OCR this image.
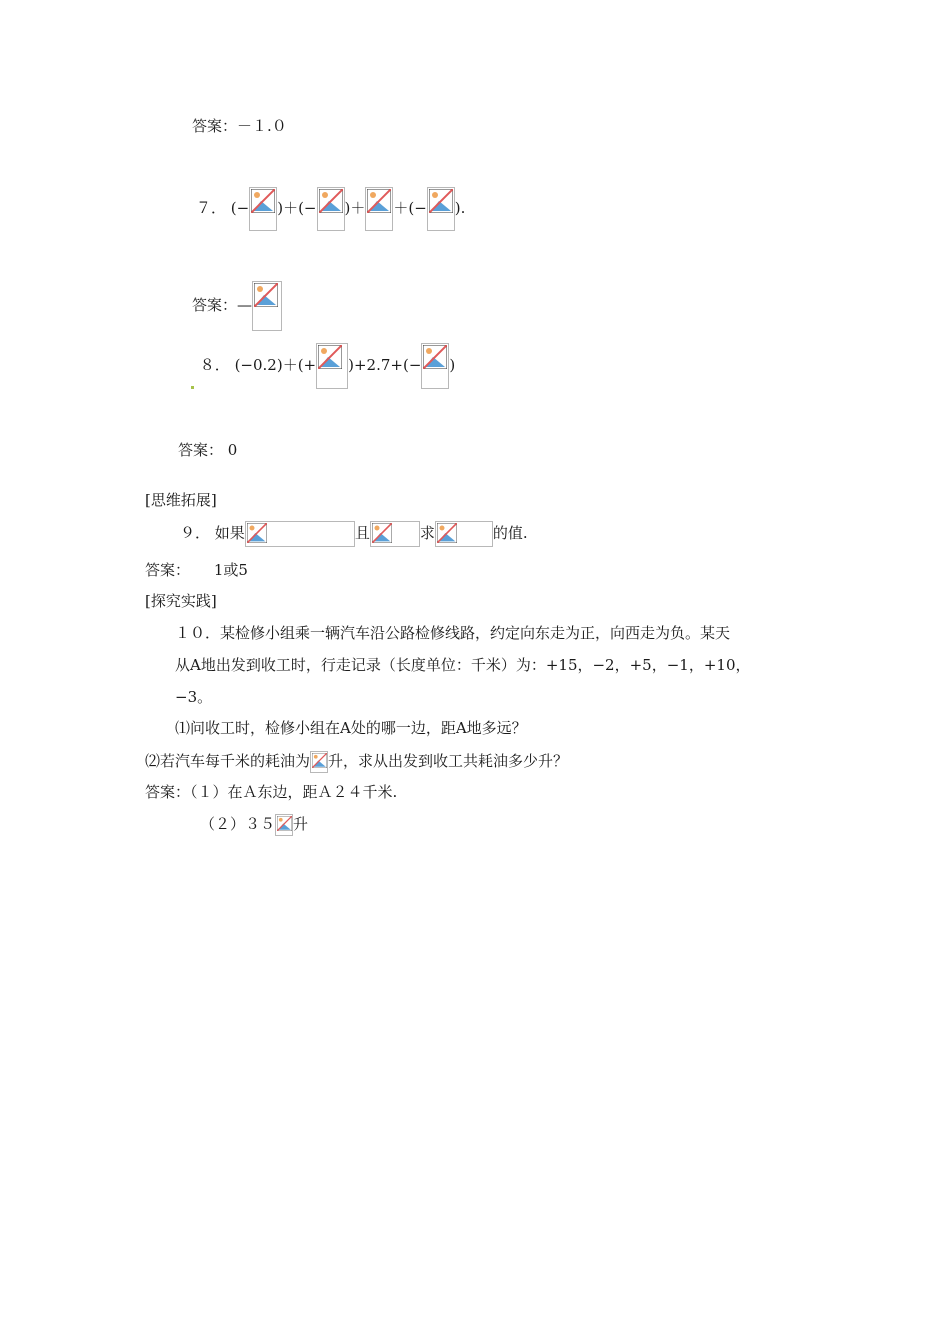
答案：－１.０
７． (− )＋(− )＋ ＋(− ).
答案：—
８． (−0.2)＋(+ )+2.7+(− )
答案： 0
[思维拓展]
９． 如果	且	求	的值.
答案： 1或5
[探究实践]
１０．某检修小组乘一辆汽车沿公路检修线路，约定向东走为正，向西走为负。某天
从A地出发到收工时，行走记录（长度单位：千米）为：+15，−2，+5，−1，+10，
−3。
⑴问收工时，检修小组在A处的哪一边，距A地多远？
⑵若汽车每千米的耗油为 升，求从出发到收工共耗油多少升？
答案：（１）在Ａ东边，距Ａ２４千米.
（２）３５ 升
